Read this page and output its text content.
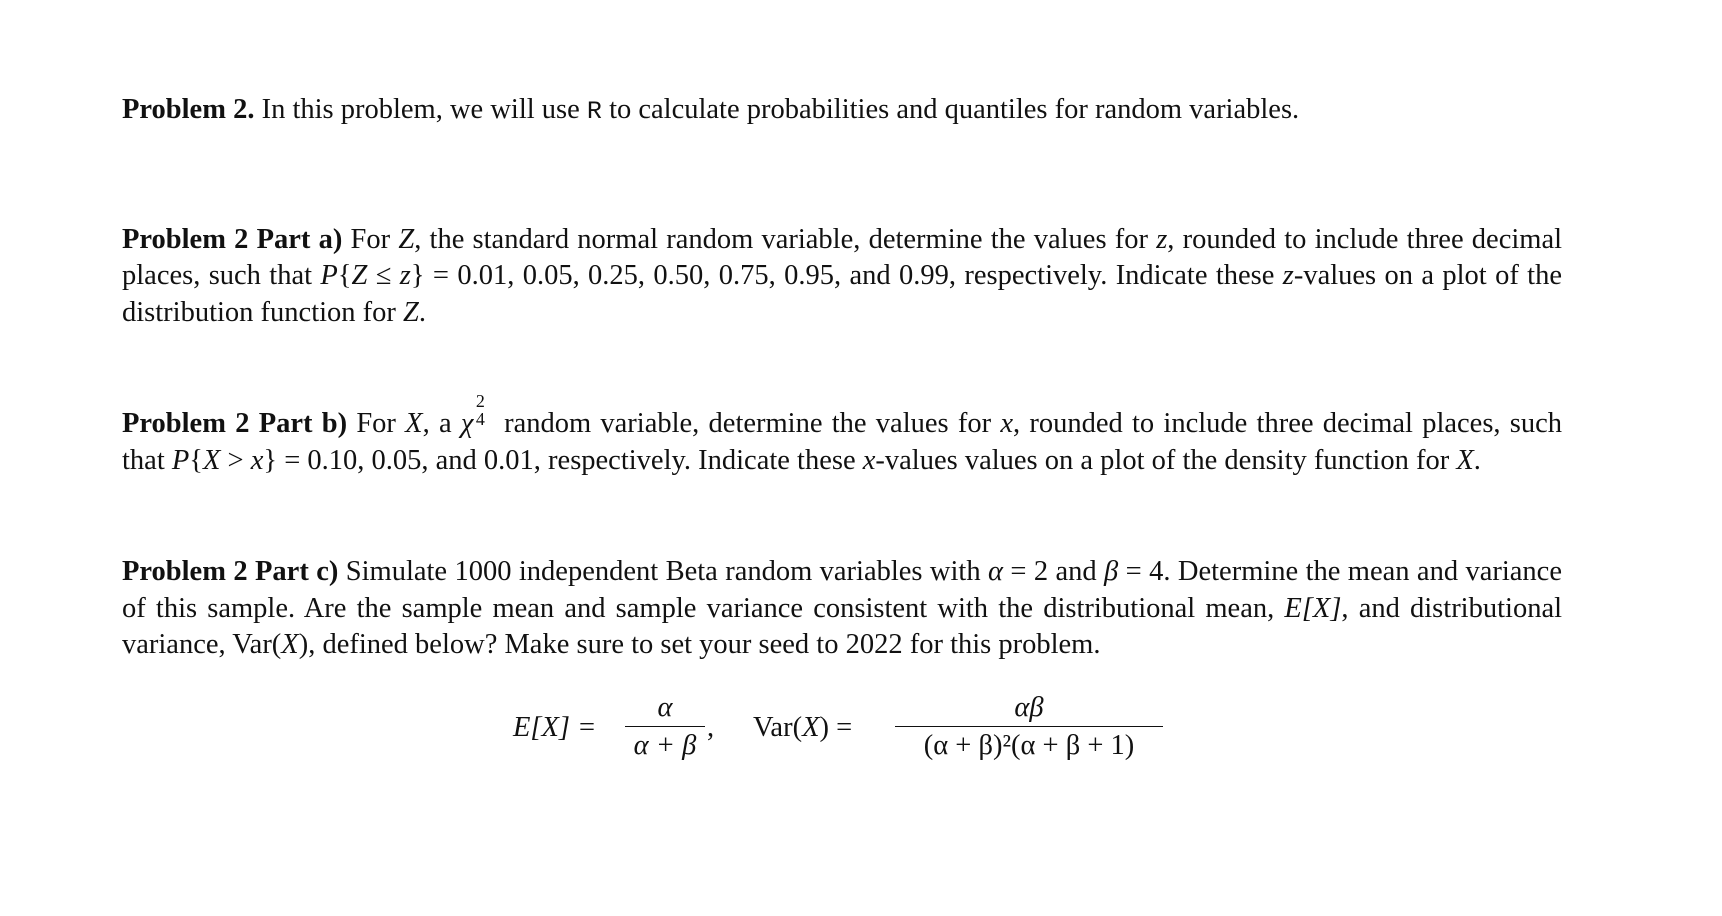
Problem 2. In this problem, we will use R to calculate probabilities and quantiles for random variables.

Problem 2 Part a) For Z, the standard normal random variable, determine the values for z, rounded to include three decimal places, such that P{Z ≤ z} = 0.01, 0.05, 0.25, 0.50, 0.75, 0.95, and 0.99, respectively. Indicate these z-values on a plot of the distribution function for Z.

Problem 2 Part b) For X, a χ
2
4 random variable, determine the values for x, rounded to include three decimal places, such that P{X > x} = 0.10, 0.05, and 0.01, respectively. Indicate these x-values values on a plot of the density function for X.

Problem 2 Part c) Simulate 1000 independent Beta random variables with α = 2 and β = 4. Determine the mean and variance of this sample. Are the sample mean and sample variance consistent with the distributional mean, E[X], and distributional variance, Var(X), defined below? Make sure to set your seed to 2022 for this problem.

E[X] =
α
α + β
, Var(X) =
αβ
(α + β)²(α + β + 1)
